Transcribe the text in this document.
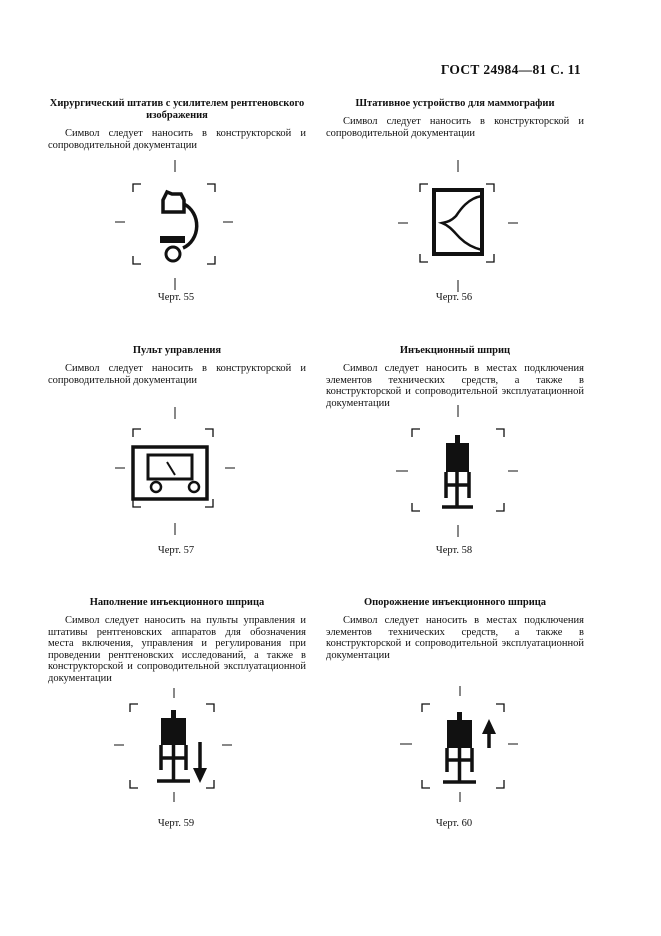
ГОСТ 24984—81 С. 11
Хирургический штатив с усилителем рентгеновского изображения
Символ следует наносить в конструкторской и сопроводительной документации
Черт. 55
Штативное устройство для маммографии
Символ следует наносить в конструкторской и сопроводительной документации
Черт. 56
Пульт управления
Символ следует наносить в конструкторской и сопроводительной документации
Черт. 57
Инъекционный шприц
Символ следует наносить в местах подключения элементов технических средств, а также в конструкторской и сопроводительной эксплуатационной документации
Черт. 58
Наполнение инъекционного шприца
Символ следует наносить на пульты управления и штативы рентгеновских аппаратов для обозначения места включения, управления и регулирования при проведении рентгеновских исследований, а также в конструкторской и сопроводительной эксплуатационной документации
Черт. 59
Опорожнение инъекционного шприца
Символ следует наносить в местах подключения элементов технических средств, а также в конструкторской и сопроводительной эксплуатационной документации
Черт. 60
